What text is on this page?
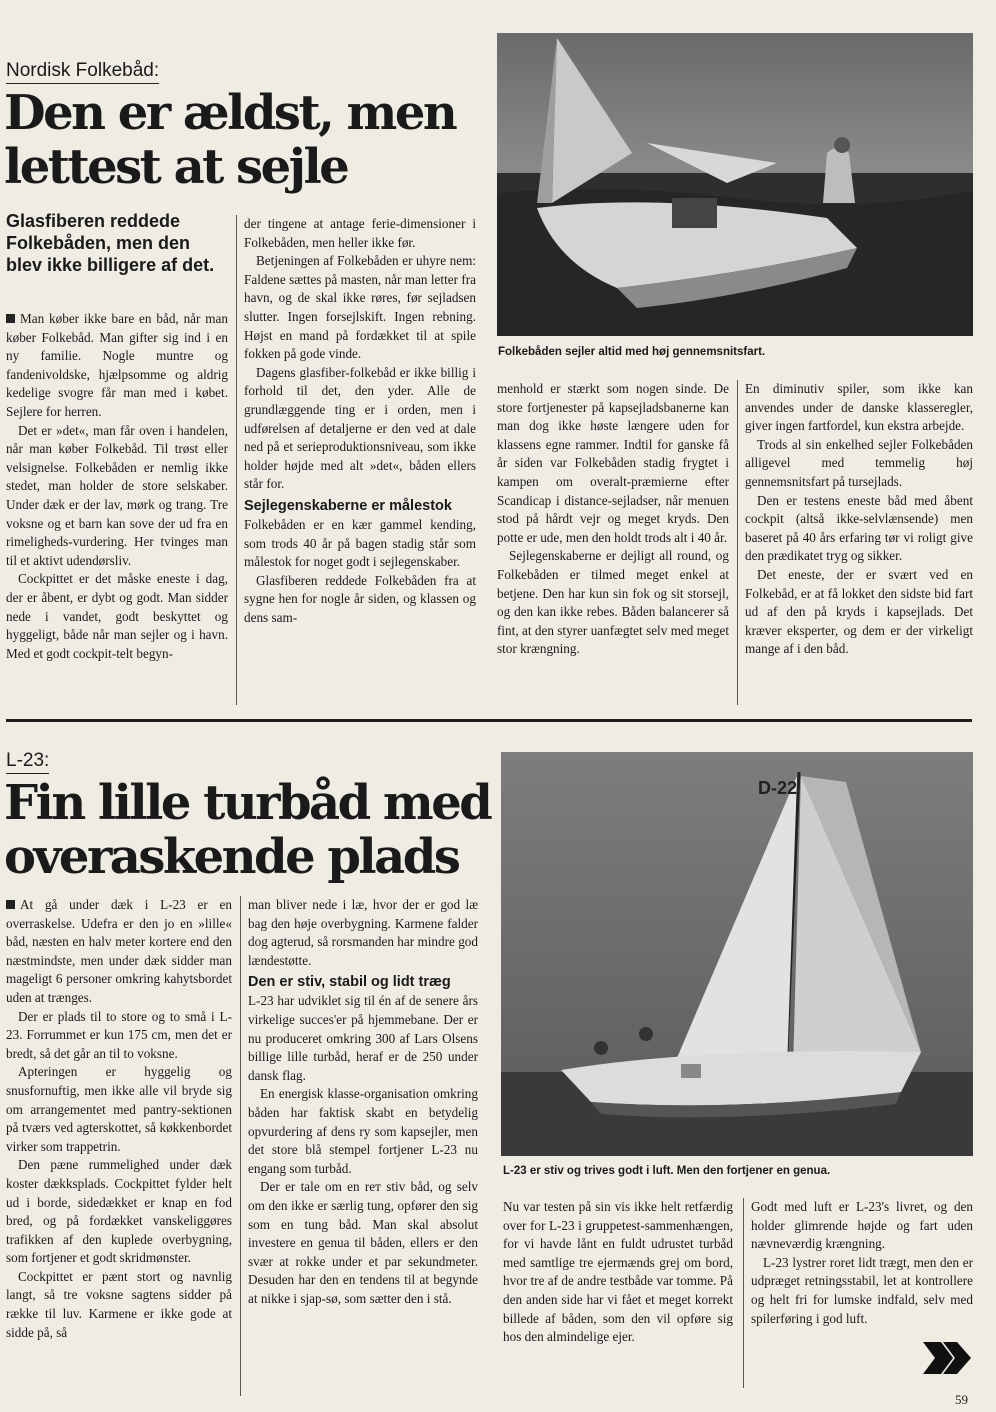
Nordisk Folkebåd:
Den er ældst, men
lettest at sejle
Glasfiberen reddede Folkebåden, men den blev ikke billigere af det.

Man køber ikke bare en båd, når man køber Folkebåd. Man gifter sig ind i en ny familie. Nogle muntre og fandenivoldske, hjælpsomme og aldrig kedelige svogre får man med i købet. Sejlere for herren.

Det er »det«, man får oven i handelen, når man køber Folkebåd. Til trøst eller velsignelse. Folkebåden er nemlig ikke stedet, man holder de store selskaber. Under dæk er der lav, mørk og trang. Tre voksne og et barn kan sove der ud fra en rimeligheds-vurdering. Her tvinges man til et aktivt udendørsliv.

Cockpittet er det måske eneste i dag, der er åbent, er dybt og godt. Man sidder nede i vandet, godt beskyttet og hyggeligt, både når man sejler og i havn. Med et godt cockpit-telt begyn-

der tingene at antage ferie-dimensioner i Folkebåden, men heller ikke før.

Betjeningen af Folkebåden er uhyre nem: Faldene sættes på masten, når man letter fra havn, og de skal ikke røres, før sejladsen slutter. Ingen forsejlskift. Ingen rebning. Højst en mand på fordækket til at spile fokken på gode vinde.

Dagens glasfiber-folkebåd er ikke billig i forhold til det, den yder. Alle de grundlæggende ting er i orden, men i udførelsen af detaljerne er den ved at dale ned på et serieproduktionsniveau, som ikke holder højde med alt »det«, båden ellers står for.

Sejlegenskaberne er målestok

Folkebåden er en kær gammel kending, som trods 40 år på bagen stadig står som målestok for noget godt i sejlegenskaber.

Glasfiberen reddede Folkebåden fra at sygne hen for nogle år siden, og klassen og dens sam-

Folkebåden sejler altid med høj gennemsnitsfart.

menhold er stærkt som nogen sinde. De store fortjenester på kapsejladsbanerne kan man dog ikke høste længere uden for klassens egne rammer. Indtil for ganske få år siden var Folkebåden stadig frygtet i kampen om overalt-præmierne efter Scandicap i distance-sejladser, når menuen stod på hårdt vejr og meget kryds. Den potte er ude, men den holdt trods alt i 40 år.

Sejlegenskaberne er dejligt all round, og Folkebåden er tilmed meget enkel at betjene. Den har kun sin fok og sit storsejl, og den kan ikke rebes. Båden balancerer så fint, at den styrer uanfægtet selv med meget stor krængning.

En diminutiv spiler, som ikke kan anvendes under de danske klasseregler, giver ingen fartfordel, kun ekstra arbejde.

Trods al sin enkelhed sejler Folkebåden alligevel med temmelig høj gennemsnitsfart på tursejlads.

Den er testens eneste båd med åbent cockpit (altså ikke-selvlænsende) men baseret på 40 års erfaring tør vi roligt give den prædikatet tryg og sikker.

Det eneste, der er svært ved en Folkebåd, er at få lokket den sidste bid fart ud af den på kryds i kapsejlads. Det kræver eksperter, og dem er der virkeligt mange af i den båd.

L-23:
Fin lille turbåd med
overaskende plads

At gå under dæk i L-23 er en overraskelse. Udefra er den jo en »lille« båd, næsten en halv meter kortere end den næstmindste, men under dæk sidder man mageligt 6 personer omkring kahytsbordet uden at trænges.

Der er plads til to store og to små i L-23. Forrummet er kun 175 cm, men det er bredt, så det går an til to voksne.

Apteringen er hyggelig og snusfornuftig, men ikke alle vil bryde sig om arrangementet med pantry-sektionen på tværs ved agterskottet, så køkkenbordet virker som trappetrin.

Den pæne rummelighed under dæk koster dækksplads. Cockpittet fylder helt ud i borde, sidedækket er knap en fod bred, og på fordækket vanskeliggøres trafikken af den kuplede overbygning, som fortjener et godt skridmønster.

Cockpittet er pænt stort og navnlig langt, så tre voksne sagtens sidder på række til luv. Karmene er ikke gode at sidde på, så

man bliver nede i læ, hvor der er god læ bag den høje overbygning. Karmene falder dog agterud, så rorsmanden har mindre god lændestøtte.

Den er stiv, stabil og lidt træg

L-23 har udviklet sig til én af de senere års virkelige succes'er på hjemmebane. Der er nu produceret omkring 300 af Lars Olsens billige lille turbåd, heraf er de 250 under dansk flag.

En energisk klasse-organisation omkring båden har faktisk skabt en betydelig opvurdering af dens ry som kapsejler, men det store blå stempel fortjener L-23 nu engang som turbåd.

Der er tale om en rет stiv båd, og selv om den ikke er særlig tung, opfører den sig som en tung båd. Man skal absolut investere en genua til båden, ellers er den svær at rokke under et par sekundmeter. Desuden har den en tendens til at begynde at nikke i sjap-sø, som sætter den i stå.

D-22
L-23 er stiv og trives godt i luft. Men den fortjener en genua.

Nu var testen på sin vis ikke helt retfærdig over for L-23 i gruppetest-sammenhængen, for vi havde lånt en fuldt udrustet turbåd med samtlige tre ejermænds grej om bord, hvor tre af de andre testbåde var tomme. På den anden side har vi fået et meget korrekt billede af båden, som den vil opføre sig hos den almindelige ejer.

Godt med luft er L-23's livret, og den holder glimrende højde og fart uden nævneværdig krængning.

L-23 lystrer roret lidt trægt, men den er udpræget retningsstabil, let at kontrollere og helt fri for lumske indfald, selv med spilerføring i god luft.

59
